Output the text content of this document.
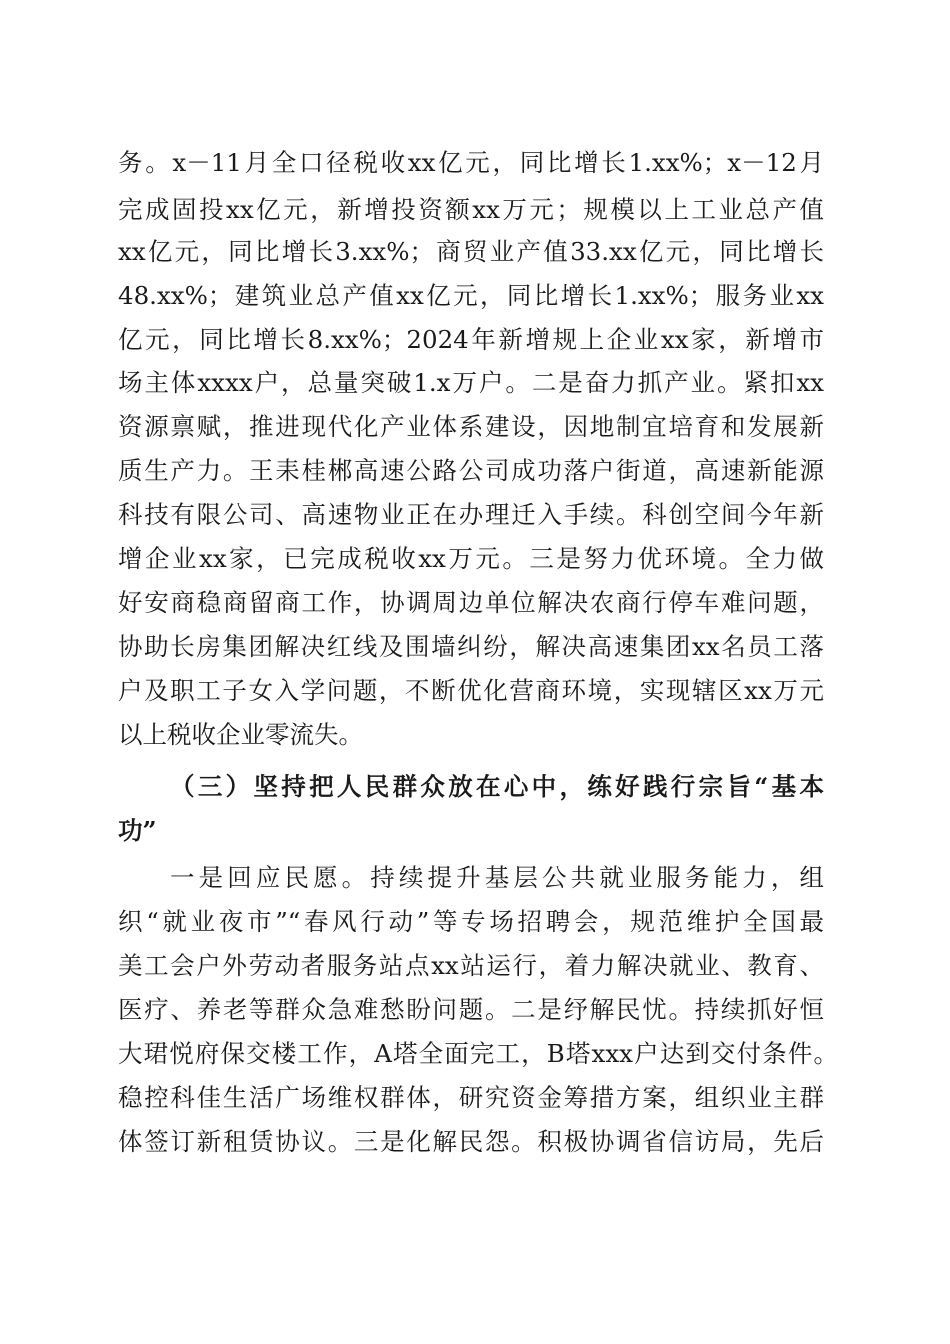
务。x－11月全口径税收xx亿元，同比增长1.xx%；x－12月
完成固投xx亿元，新增投资额xx万元；规模以上工业总产值
xx亿元，同比增长3.xx%；商贸业产值33.xx亿元，同比增长
48.xx%；建筑业总产值xx亿元，同比增长1.xx%；服务业xx
亿元，同比增长8.xx%；2024年新增规上企业xx家，新增市
场主体xxxx户，总量突破1.x万户。二是奋力抓产业。紧扣xx
资源禀赋，推进现代化产业体系建设，因地制宜培育和发展新
质生产力。王耒桂郴高速公路公司成功落户街道，高速新能源
科技有限公司、高速物业正在办理迁入手续。科创空间今年新
增企业xx家，已完成税收xx万元。三是努力优环境。全力做
好安商稳商留商工作，协调周边单位解决农商行停车难问题，
协助长房集团解决红线及围墙纠纷，解决高速集团xx名员工落
户及职工子女入学问题，不断优化营商环境，实现辖区xx万元
以上税收企业零流失。
（三）坚持把人民群众放在心中，练好践行宗旨“基本
功”
一是回应民愿。持续提升基层公共就业服务能力，组
织“就业夜市”“春风行动”等专场招聘会，规范维护全国最
美工会户外劳动者服务站点xx站运行，着力解决就业、教育、
医疗、养老等群众急难愁盼问题。二是纾解民忧。持续抓好恒
大珺悦府保交楼工作，A塔全面完工，B塔xxx户达到交付条件。
稳控科佳生活广场维权群体，研究资金筹措方案，组织业主群
体签订新租赁协议。三是化解民怨。积极协调省信访局，先后
